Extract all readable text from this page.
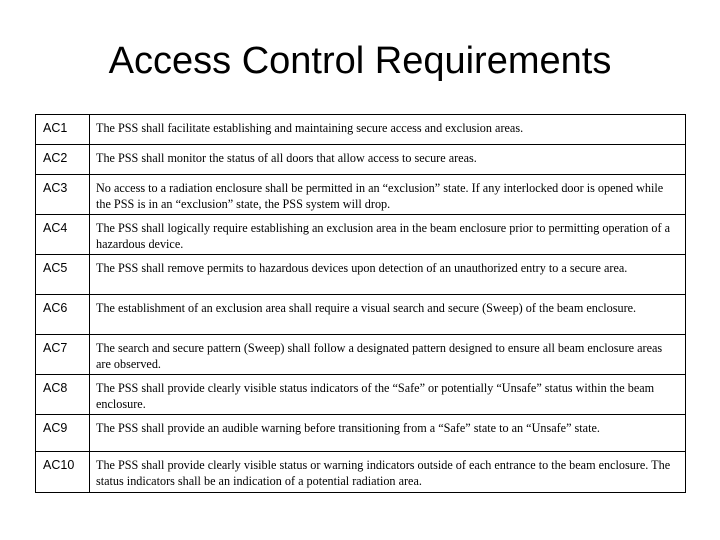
Access Control Requirements
AC1	The PSS shall facilitate establishing and maintaining secure access and exclusion areas.
AC2	The PSS shall monitor the status of all doors that allow access to secure areas.
AC3	No access to a radiation enclosure shall be permitted in an “exclusion” state. If any interlocked door is opened while the PSS is in an “exclusion” state, the PSS system will drop.
AC4	The PSS shall logically require establishing an exclusion area in the beam enclosure prior to permitting operation of a hazardous device.
AC5	The PSS shall remove permits to hazardous devices upon detection of an unauthorized entry to a secure area.
AC6	The establishment of an exclusion area shall require a visual search and secure (Sweep) of the beam enclosure.
AC7	The search and secure pattern (Sweep) shall follow a designated pattern designed to ensure all beam enclosure areas are observed.
AC8	The PSS shall provide clearly visible status indicators of the “Safe” or potentially “Unsafe” status within the beam enclosure.
AC9	The PSS shall provide an audible warning before transitioning from a “Safe” state to an “Unsafe” state.
AC10	The PSS shall provide clearly visible status or warning indicators outside of each entrance to the beam enclosure. The status indicators shall be an indication of a potential radiation area.
